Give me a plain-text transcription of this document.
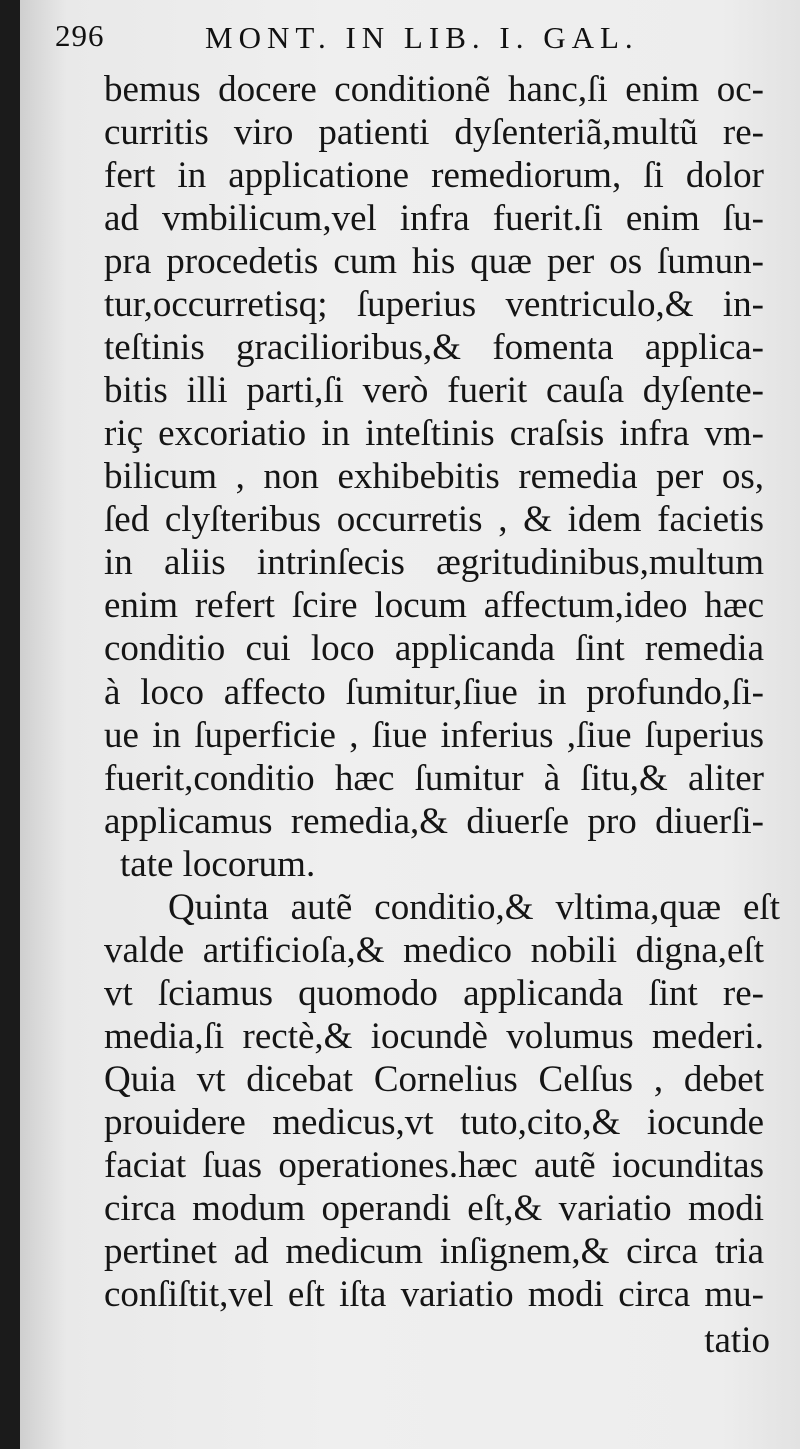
296	MONT. IN LIB. I. GAL.
bemus docere conditionẽ hanc,ſi enim oc-
curritis viro patienti dyſenteriã,multũ re-
fert in applicatione remediorum, ſi dolor
ad vmbilicum,vel infra fuerit.ſi enim ſu-
pra procedetis cum his quæ per os ſumun-
tur,occurretisq; ſuperius ventriculo,& in-
teſtinis gracilioribus,& fomenta applica-
bitis illi parti,ſi verò fuerit cauſa dyſente-
riç excoriatio in inteſtinis craſsis infra vm-
bilicum , non exhibebitis remedia per os,
ſed clyſteribus occurretis , & idem facietis
in aliis intrinſecis ægritudinibus,multum
enim refert ſcire locum affectum,ideo hæc
conditio cui loco applicanda ſint remedia
à loco affecto ſumitur,ſiue in profundo,ſi-
ue in ſuperficie , ſiue inferius ,ſiue ſuperius
fuerit,conditio hæc ſumitur à ſitu,& aliter
applicamus remedia,& diuerſe pro diuerſi-
tate locorum.
Quinta autẽ conditio,& vltima,quæ eſt
valde artificioſa,& medico nobili digna,eſt
vt ſciamus quomodo applicanda ſint re-
media,ſi rectè,& iocundè volumus mederi.
Quia vt dicebat Cornelius Celſus , debet
prouidere medicus,vt tuto,cito,& iocunde
faciat ſuas operationes.hæc autẽ iocunditas
circa modum operandi eſt,& variatio modi
pertinet ad medicum inſignem,& circa tria
conſiſtit,vel eſt iſta variatio modi circa mu-
tatio
